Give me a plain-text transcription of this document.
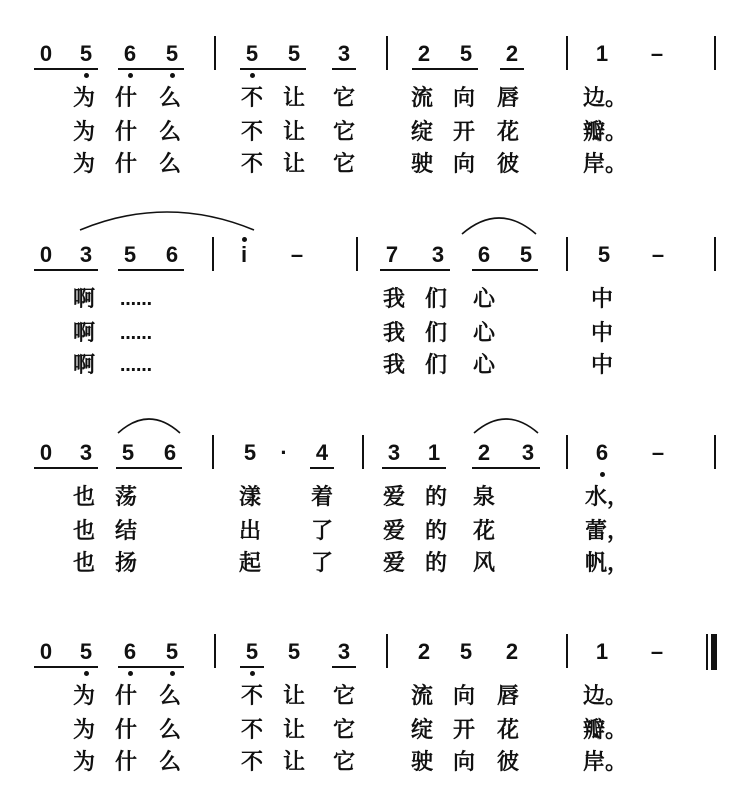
0 5 6 5	5 5 3	2 5 2	1 –
为 什 么	不 让 它	流 向 唇	边。
为 什 么	不 让 它	绽 开 花	瓣。
为 什 么	不 让 它	驶 向 彼	岸。
0 3 5 6	i	–	7 3 6 5	5 –
啊	……	我 们 心	中
啊	……	我 们 心	中
啊	……	我 们 心	中
0 3 5 6	5	·	4	3 1 2 3	6 –
也 荡	漾 着 爱 的 泉	水，
也 结	出 了 爱 的 花	蕾，
也 扬	起 了 爱 的 风	帆，
0 5 6 5	5 5 3	2 5 2	1 –
为 什 么	不 让 它	流 向 唇	边。
为 什 么	不 让 它	绽 开 花	瓣。
为 什 么	不 让 它	驶 向 彼	岸。
